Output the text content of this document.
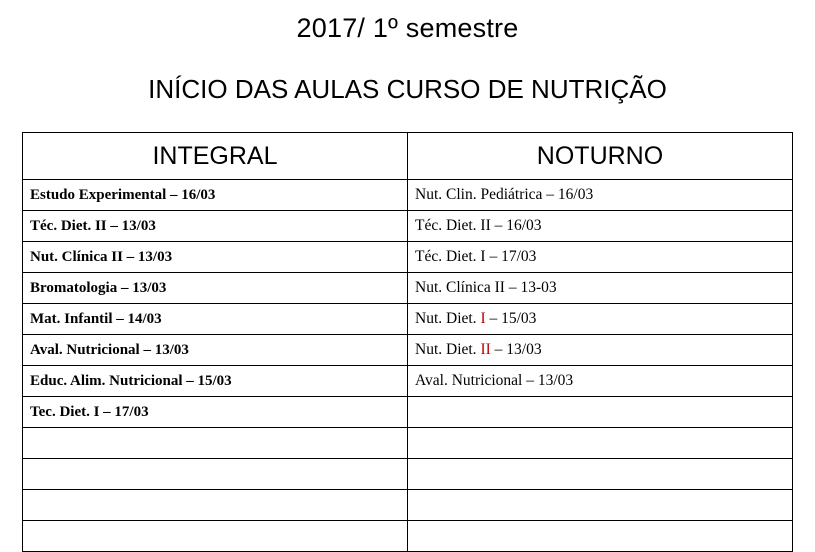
2017/ 1º semestre
INÍCIO DAS AULAS CURSO DE NUTRIÇÃO
INTEGRAL	NOTURNO
Estudo Experimental – 16/03	Nut. Clin. Pediátrica – 16/03
Téc. Diet. II – 13/03	Téc. Diet. II – 16/03
Nut. Clínica II – 13/03	Téc. Diet. I – 17/03
Bromatologia – 13/03	Nut. Clínica II – 13-03
Mat. Infantil – 14/03	Nut. Diet. I – 15/03
Aval. Nutricional – 13/03	Nut. Diet. II – 13/03
Educ. Alim. Nutricional – 15/03	Aval. Nutricional – 13/03
Tec. Diet. I – 17/03	
